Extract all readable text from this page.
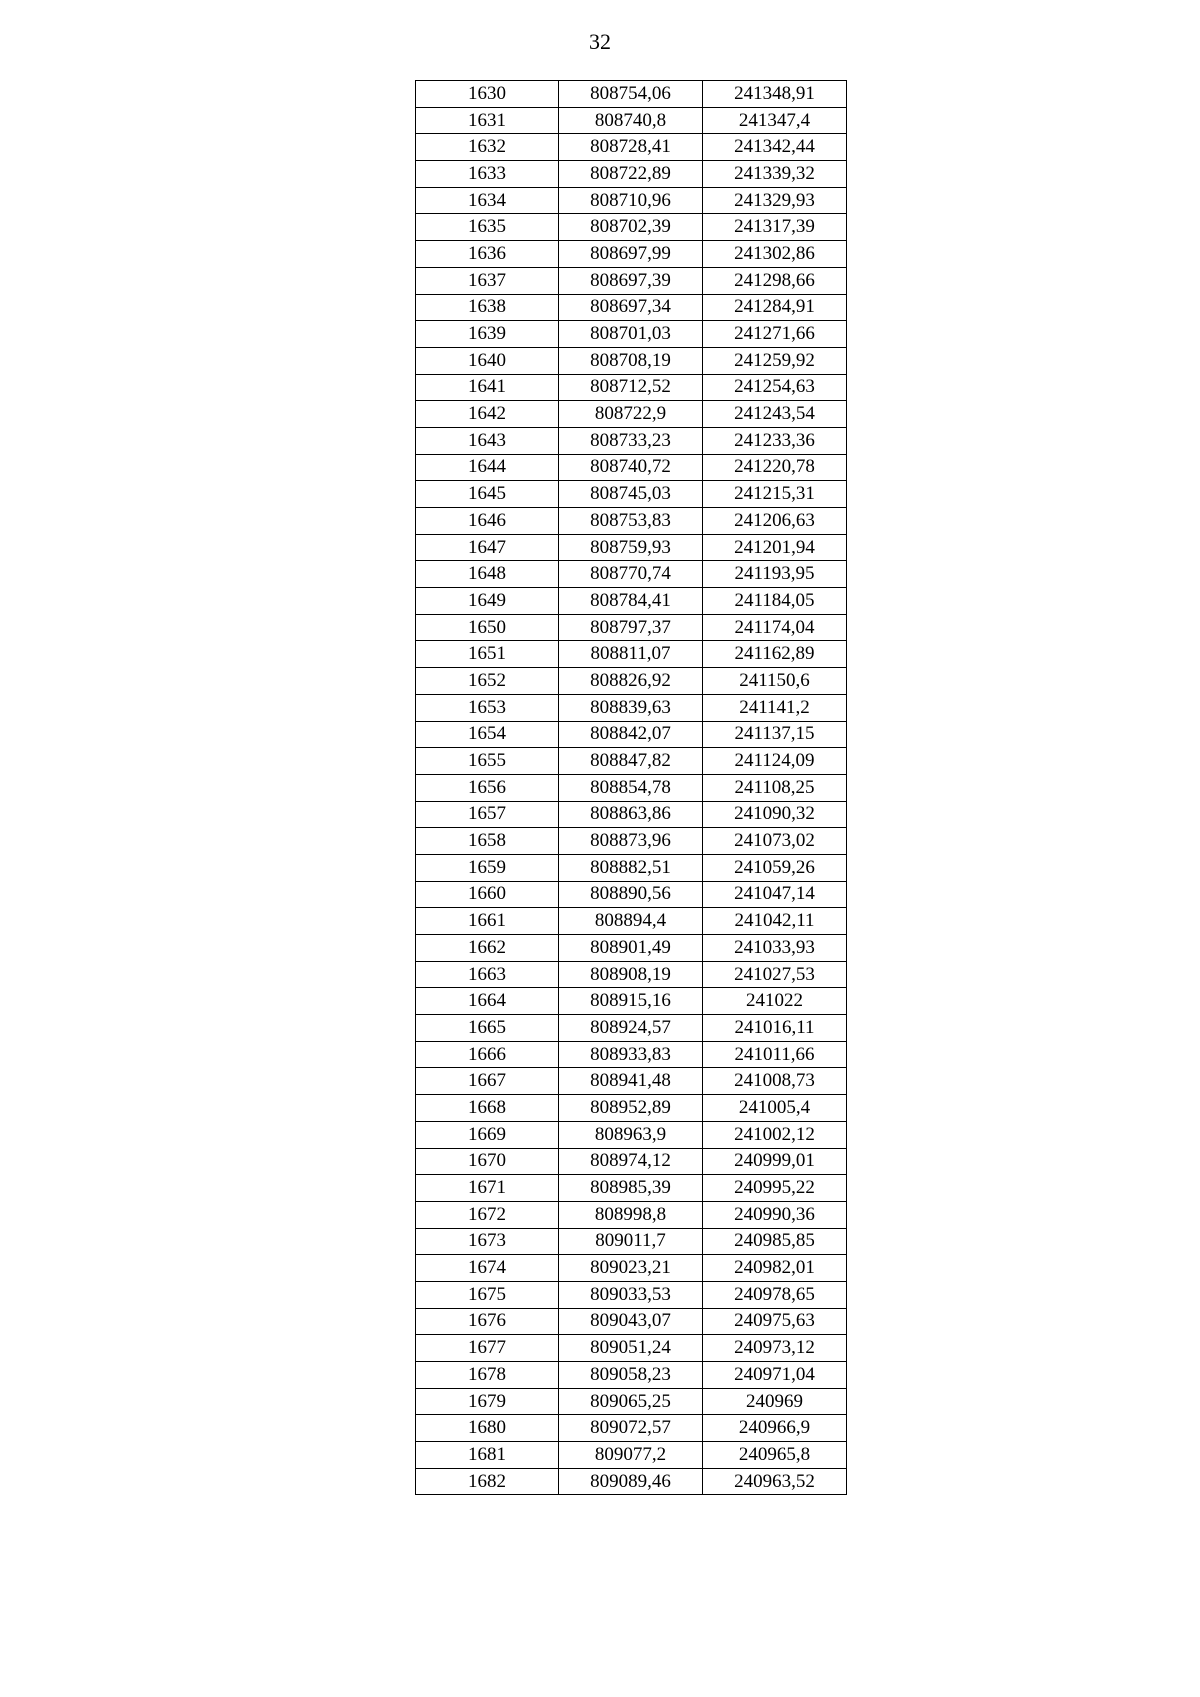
32
1630	808754,06	241348,91
1631	808740,8	241347,4
1632	808728,41	241342,44
1633	808722,89	241339,32
1634	808710,96	241329,93
1635	808702,39	241317,39
1636	808697,99	241302,86
1637	808697,39	241298,66
1638	808697,34	241284,91
1639	808701,03	241271,66
1640	808708,19	241259,92
1641	808712,52	241254,63
1642	808722,9	241243,54
1643	808733,23	241233,36
1644	808740,72	241220,78
1645	808745,03	241215,31
1646	808753,83	241206,63
1647	808759,93	241201,94
1648	808770,74	241193,95
1649	808784,41	241184,05
1650	808797,37	241174,04
1651	808811,07	241162,89
1652	808826,92	241150,6
1653	808839,63	241141,2
1654	808842,07	241137,15
1655	808847,82	241124,09
1656	808854,78	241108,25
1657	808863,86	241090,32
1658	808873,96	241073,02
1659	808882,51	241059,26
1660	808890,56	241047,14
1661	808894,4	241042,11
1662	808901,49	241033,93
1663	808908,19	241027,53
1664	808915,16	241022
1665	808924,57	241016,11
1666	808933,83	241011,66
1667	808941,48	241008,73
1668	808952,89	241005,4
1669	808963,9	241002,12
1670	808974,12	240999,01
1671	808985,39	240995,22
1672	808998,8	240990,36
1673	809011,7	240985,85
1674	809023,21	240982,01
1675	809033,53	240978,65
1676	809043,07	240975,63
1677	809051,24	240973,12
1678	809058,23	240971,04
1679	809065,25	240969
1680	809072,57	240966,9
1681	809077,2	240965,8
1682	809089,46	240963,52
